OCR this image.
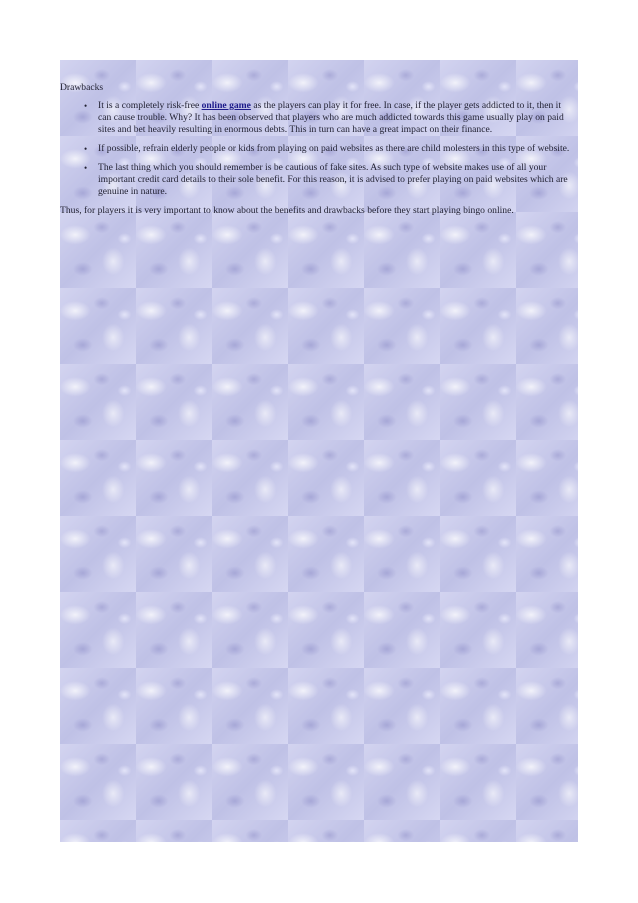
Drawbacks

• It is a completely risk-free online game as the players can play it for free. In case, if the player gets addicted to it, then it can cause trouble. Why? It has been observed that players who are much addicted towards this game usually play on paid sites and bet heavily resulting in enormous debts. This in turn can have a great impact on their finance.
• If possible, refrain elderly people or kids from playing on paid websites as there are child molesters in this type of website.
• The last thing which you should remember is be cautious of fake sites. As such type of website makes use of all your important credit card details to their sole benefit. For this reason, it is advised to prefer playing on paid websites which are genuine in nature.

Thus, for players it is very important to know about the benefits and drawbacks before they start playing bingo online.
